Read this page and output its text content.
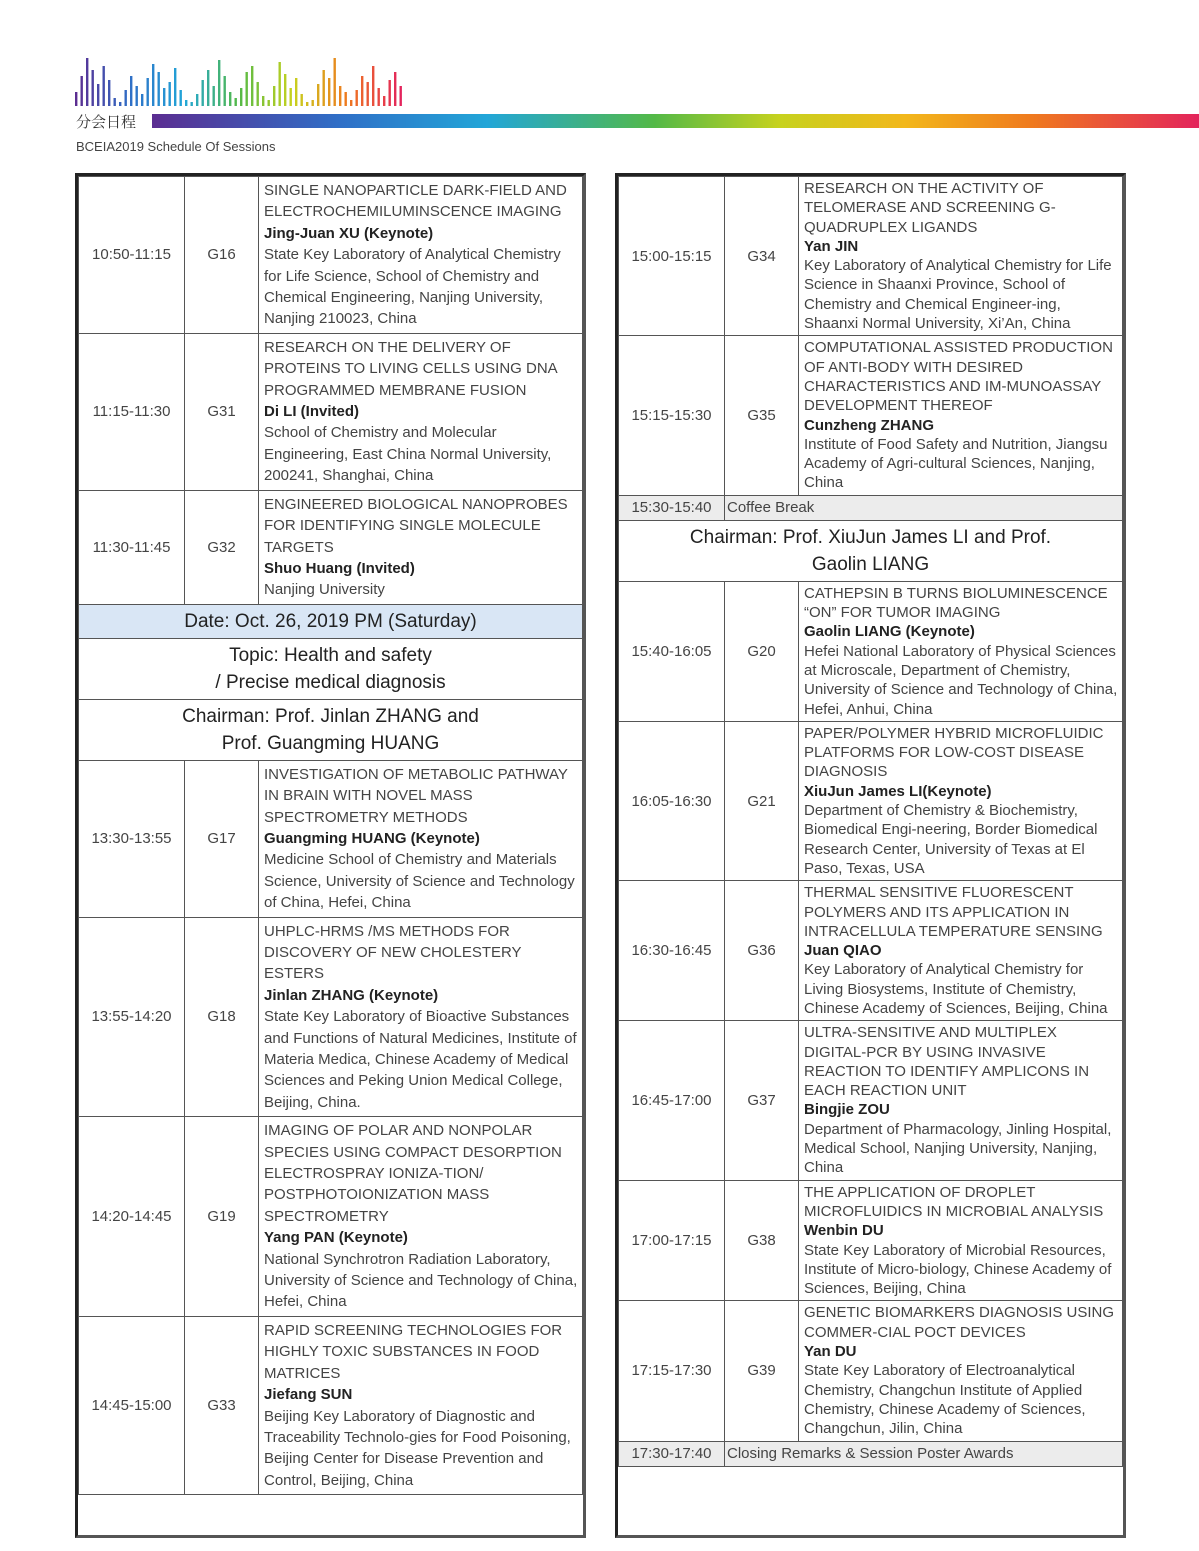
分会日程
BCEIA2019 Schedule Of Sessions
10:50-11:15	G16	SINGLE NANOPARTICLE DARK-FIELD AND ELECTROCHEMILUMINSCENCE IMAGING
Jing-Juan XU (Keynote)
State Key Laboratory of Analytical Chemistry for Life Science, School of Chemistry and Chemical Engineering, Nanjing University, Nanjing 210023, China

11:15-11:30	G31	RESEARCH ON THE DELIVERY OF PROTEINS TO LIVING CELLS USING DNA PROGRAMMED MEMBRANE FUSION
Di LI (Invited)
School of Chemistry and Molecular Engineering, East China Normal University, 200241, Shanghai, China

11:30-11:45	G32	ENGINEERED BIOLOGICAL NANOPROBES FOR IDENTIFYING SINGLE MOLECULE TARGETS
Shuo Huang (Invited)
Nanjing University

Date: Oct. 26, 2019 PM (Saturday)		
Topic: Health and safety
/ Precise medical diagnosis		
Chairman: Prof. Jinlan ZHANG and
Prof. Guangming HUANG		
13:30-13:55	G17	INVESTIGATION OF METABOLIC PATHWAY IN BRAIN WITH NOVEL MASS SPECTROMETRY METHODS
Guangming HUANG (Keynote)
Medicine School of Chemistry and Materials Science, University of Science and Technology of China, Hefei, China

13:55-14:20	G18	UHPLC-HRMS /MS METHODS FOR DISCOVERY OF NEW CHOLESTERY ESTERS
Jinlan ZHANG (Keynote)
State Key Laboratory of Bioactive Substances and Functions of Natural Medicines, Institute of Materia Medica, Chinese Academy of Medical Sciences and Peking Union Medical College, Beijing, China.

14:20-14:45	G19	IMAGING OF POLAR AND NONPOLAR SPECIES USING COMPACT DESORPTION ELECTROSPRAY IONIZA-TION/ POSTPHOTOIONIZATION MASS SPECTROMETRY
Yang PAN (Keynote)
National Synchrotron Radiation Laboratory, University of Science and Technology of China, Hefei, China

14:45-15:00	G33	RAPID SCREENING TECHNOLOGIES FOR HIGHLY TOXIC SUBSTANCES IN FOOD MATRICES
Jiefang SUN
Beijing Key Laboratory of Diagnostic and Traceability Technolo-gies for Food Poisoning, Beijing Center for Disease Prevention and Control, Beijing, China
15:00-15:15	G34	RESEARCH ON THE ACTIVITY OF TELOMERASE AND SCREENING G-QUADRUPLEX LIGANDS
Yan JIN
Key Laboratory of Analytical Chemistry for Life Science in Shaanxi Province, School of Chemistry and Chemical Engineer-ing, Shaanxi Normal University, Xi’An, China

15:15-15:30	G35	COMPUTATIONAL ASSISTED PRODUCTION OF ANTI-BODY WITH DESIRED CHARACTERISTICS AND IM-MUNOASSAY DEVELOPMENT THEREOF
Cunzheng ZHANG
Institute of Food Safety and Nutrition, Jiangsu Academy of Agri-cultural Sciences, Nanjing, China

15:30-15:40	Coffee Break	
Chairman: Prof. XiuJun James LI and Prof.
Gaolin LIANG		
15:40-16:05	G20	CATHEPSIN B TURNS BIOLUMINESCENCE “ON” FOR TUMOR IMAGING
Gaolin LIANG (Keynote)
Hefei National Laboratory of Physical Sciences at Microscale, Department of Chemistry, University of Science and Technology of China, Hefei, Anhui, China

16:05-16:30	G21	PAPER/POLYMER HYBRID MICROFLUIDIC PLATFORMS FOR LOW-COST DISEASE DIAGNOSIS
XiuJun James LI(Keynote)
Department of Chemistry & Biochemistry, Biomedical Engi-neering, Border Biomedical Research Center, University of Texas at El Paso, Texas, USA

16:30-16:45	G36	THERMAL SENSITIVE FLUORESCENT POLYMERS AND ITS APPLICATION IN INTRACELLULA TEMPERATURE SENSING
Juan QIAO
Key Laboratory of Analytical Chemistry for Living Biosystems, Institute of Chemistry, Chinese Academy of Sciences, Beijing, China

16:45-17:00	G37	ULTRA-SENSITIVE AND MULTIPLEX DIGITAL-PCR BY USING INVASIVE REACTION TO IDENTIFY AMPLICONS IN EACH REACTION UNIT
Bingjie ZOU
Department of Pharmacology, Jinling Hospital, Medical School, Nanjing University, Nanjing, China

17:00-17:15	G38	THE APPLICATION OF DROPLET MICROFLUIDICS IN MICROBIAL ANALYSIS
Wenbin DU
State Key Laboratory of Microbial Resources, Institute of Micro-biology, Chinese Academy of Sciences, Beijing, China

17:15-17:30	G39	GENETIC BIOMARKERS DIAGNOSIS USING COMMER-CIAL POCT DEVICES
Yan DU
State Key Laboratory of Electroanalytical Chemistry, Changchun Institute of Applied Chemistry, Chinese Academy of Sciences, Changchun, Jilin, China

17:30-17:40	Closing Remarks & Session Poster Awards	
